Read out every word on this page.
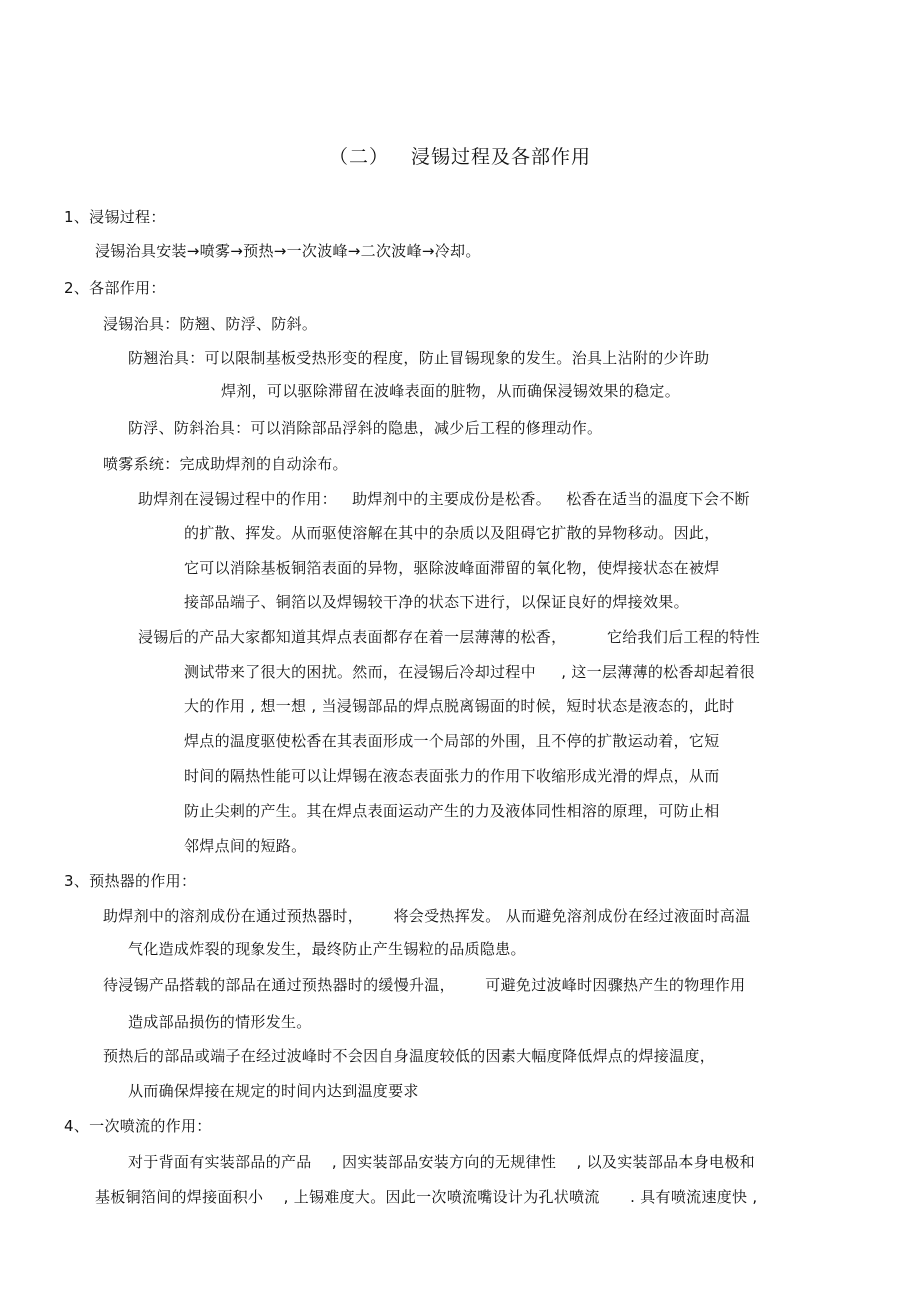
（二） 浸锡过程及各部作用
1、浸锡过程：
浸锡治具安装→喷雾→预热→一次波峰→二次波峰→冷却。
2、各部作用：
浸锡治具：防翘、防浮、防斜。
防翘治具：可以限制基板受热形变的程度，防止冒锡现象的发生。治具上沾附的少许助
焊剂，可以驱除滞留在波峰表面的脏物，从而确保浸锡效果的稳定。
防浮、防斜治具：可以消除部品浮斜的隐患，减少后工程的修理动作。
喷雾系统：完成助焊剂的自动涂布。
助焊剂在浸锡过程中的作用：   助焊剂中的主要成份是松香。   松香在适当的温度下会不断
的扩散、挥发。从而驱使溶解在其中的杂质以及阻碍它扩散的异物移动。因此，
它可以消除基板铜箔表面的异物，驱除波峰面滞留的氧化物，使焊接状态在被焊
接部品端子、铜箔以及焊锡较干净的状态下进行，以保证良好的焊接效果。
浸锡后的产品大家都知道其焊点表面都存在着一层薄薄的松香，        它给我们后工程的特性
测试带来了很大的困扰。然而，在浸锡后冷却过程中     , 这一层薄薄的松香却起着很
大的作用 , 想一想 , 当浸锡部品的焊点脱离锡面的时候，短时状态是液态的，此时
焊点的温度驱使松香在其表面形成一个局部的外围，且不停的扩散运动着，它短
时间的隔热性能可以让焊锡在液态表面张力的作用下收缩形成光滑的焊点，从而
防止尖刺的产生。其在焊点表面运动产生的力及液体同性相溶的原理，可防止相
邻焊点间的短路。
3、预热器的作用：
助焊剂中的溶剂成份在通过预热器时，      将会受热挥发。 从而避免溶剂成份在经过液面时高温
气化造成炸裂的现象发生，最终防止产生锡粒的品质隐患。
待浸锡产品搭载的部品在通过预热器时的缓慢升温，      可避免过波峰时因骤热产生的物理作用
造成部品损伤的情形发生。
预热后的部品或端子在经过波峰时不会因自身温度较低的因素大幅度降低焊点的焊接温度，
从而确保焊接在规定的时间内达到温度要求
4、一次喷流的作用：
对于背面有实装部品的产品    , 因实装部品安装方向的无规律性    , 以及实装部品本身电极和
基板铜箔间的焊接面积小    , 上锡难度大。因此一次喷流嘴设计为孔状喷流      . 具有喷流速度快 ,
